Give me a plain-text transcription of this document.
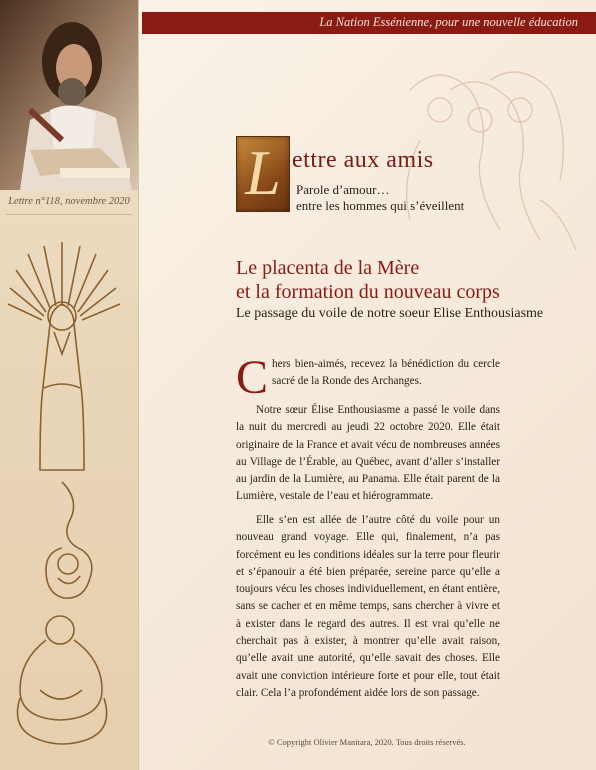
Lettre n°118, novembre 2020
La Nation Essénienne, pour une nouvelle éducation
L ettre aux amis
Parole d’amour…
entre les hommes qui s’éveillent
Le placenta de la Mère
et la formation du nouveau corps
Le passage du voile de notre soeur Elise Enthousiasme
C hers bien-aimés, recevez la bénédiction du cercle sacré de la Ronde des Archanges.
Notre sœur Élise Enthousiasme a passé le voile dans la nuit du mercredi au jeudi 22 octobre 2020. Elle était originaire de la France et avait vécu de nombreuses années au Village de l’Érable, au Québec, avant d’aller s’installer au jardin de la Lumière, au Panama. Elle était parent de la Lumière, vestale de l’eau et hiérogrammate.
Elle s’en est allée de l’autre côté du voile pour un nouveau grand voyage. Elle qui, finalement, n’a pas forcément eu les conditions idéales sur la terre pour fleurir et s’épanouir a été bien préparée, sereine parce qu’elle a toujours vécu les choses individuellement, en étant entière, sans se cacher et en même temps, sans chercher à vivre et à exister dans le regard des autres. Il est vrai qu’elle ne cherchait pas à exister, à montrer qu’elle avait raison, qu’elle avait une autorité, qu’elle savait des choses. Elle avait une conviction intérieure forte et pour elle, tout était clair. Cela l’a profondément aidée lors de son passage.
© Copyright Olivier Manitara, 2020. Tous droits réservés.
